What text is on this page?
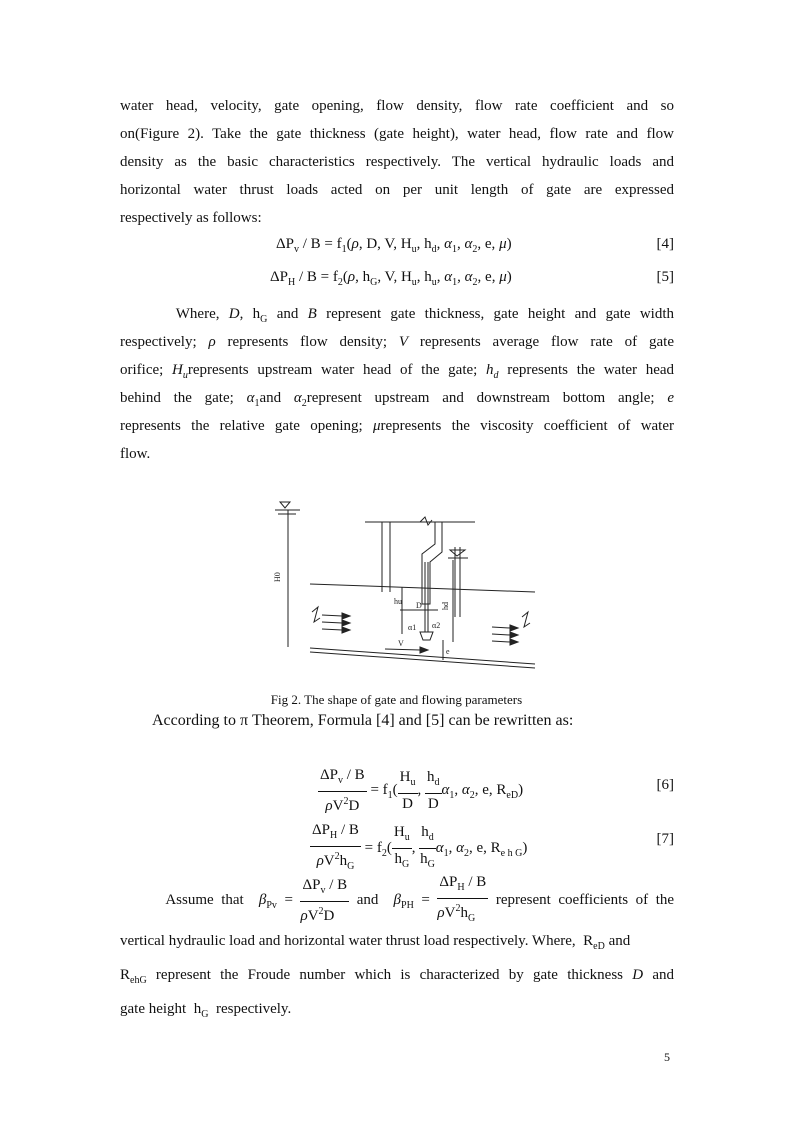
water head, velocity, gate opening, flow density, flow rate coefficient and so
on(Figure 2). Take the gate thickness (gate height), water head, flow rate and flow
density as the basic characteristics respectively. The vertical hydraulic loads and
horizontal water thrust loads acted on per unit length of gate are expressed
respectively as follows:
$\Delta P_v / B = f_1(\rho$, D, V, $H_u$, $h_d$, $\alpha_1$, $\alpha_2$, e, μ)	[4]
$\Delta P_H / B = f_2(\rho$, $h_G$, V, $H_u$, $h_u$, $\alpha_1$, $\alpha_2$, e, μ)	[5]
Where, D, $h_G$ and B represent gate thickness, gate height and gate width
respectively; ρ represents flow density; V represents average flow rate of gate
orifice; $H_urepresents$ upstream water head of the gate; $h_d$ represents the water head
behind the gate; $\alpha_1and$ $\alpha_2represent$ upstream and downstream bottom angle; e
represents the relative gate opening; μrepresents the viscosity coefficient of water
flow.
H0
hu D hd
α1 α2
V
e
Fig 2. The shape of gate and flowing parameters
According to π Theorem, Formula [4] and [5] can be rewritten as:
$\frac{\Delta P_v / B}{\rho V^2D} = f_1( \frac{H_u}{D}$ , $\frac{h_d}{D} \alpha_1$, $\alpha_2$, e, $R_{eD}$)	[6]
$\frac{\Delta P_H / B}{\rho V^2h_G} = f_2( \frac{H_u}{h_G}$ , $\frac{h_d}{h_G} \alpha_1$, $\alpha_2$, e, $R_{e h G}$)
[7]
Assume that $\beta_{Pv} = \frac{\Delta P_v / B}{\rho V^2D}$ and $\beta_{PH} = \frac{\Delta P_H / B}{\rho V^2h_G}$ represent coefficients of the
vertical hydraulic load and horizontal water thrust load respectively. Where, $R_{eD}$ and
$R_{ehG}$ represent the Froude number which is characterized by gate thickness D and
gate height $h_G$ respectively.
5
